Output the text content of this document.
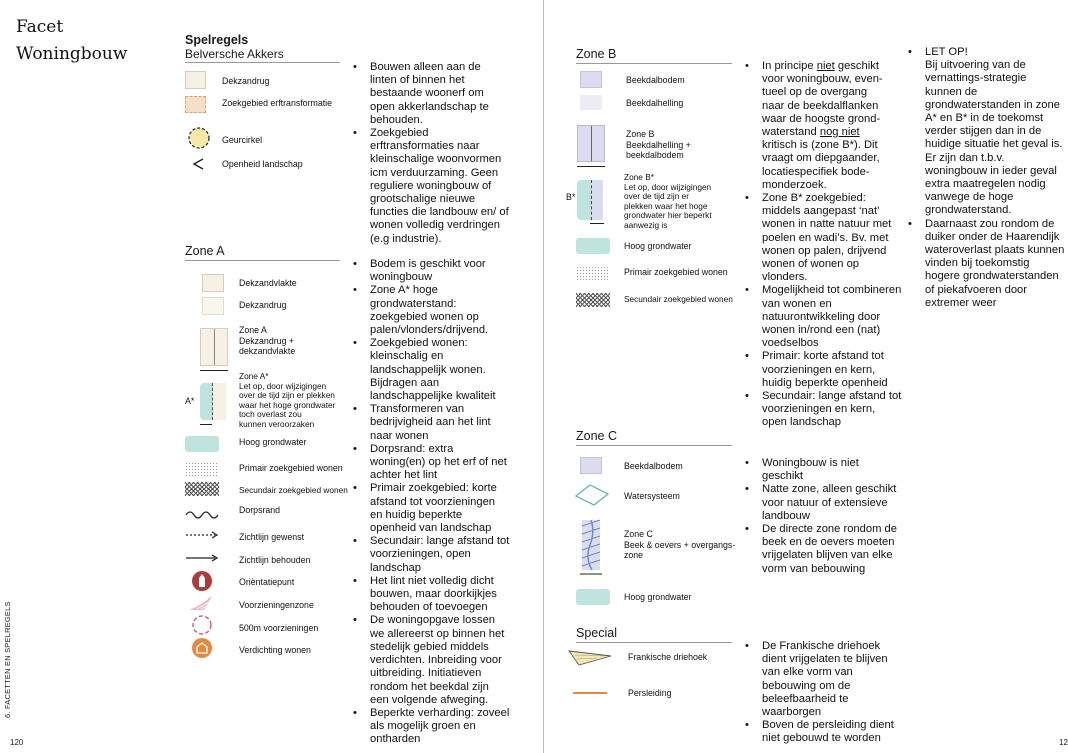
Facet
Woningbouw
6. FACETTEN EN SPELREGELS
120	12
Spelregels
Belversche Akkers
Dekzandrug
Zoekgebied erftransformatie
Geurcirkel
Openheid landschap
• Bouwen alleen aan de linten of binnen het bestaande woonerf om open akkerlandschap te behouden.
• Zoekgebied erftransformaties naar kleinschalige woonvormen icm verduurzaming. Geen reguliere woningbouw of grootschalige nieuwe functies die landbouw en/ of wonen volledig verdringen (e.g industrie).
Zone A
Dekzandvlakte
Dekzandrug
Zone A
Dekzandrug +
dekzandvlakte
A*
Zone A*
Let op, door wijzigingen
over de tijd zijn er plekken
waar het hoge grondwater
toch overlast zou
kunnen veroorzaken
Hoog grondwater
Primair zoekgebied wonen
Secundair zoekgebied wonen
Dorpsrand
Zichtlijn gewenst
Zichtlijn behouden
Oriëntatiepunt
Voorzieningenzone
500m voorzieningen
Verdichting wonen
• Bodem is geschikt voor woningbouw
• Zone A* hoge grondwaterstand: zoekgebied wonen op palen/vlonders/drijvend.
• Zoekgebied wonen: kleinschalig en landschappelijk wonen. Bijdragen aan landschappelijke kwaliteit
• Transformeren van bedrijvigheid aan het lint naar wonen
• Dorpsrand: extra woning(en) op het erf of net achter het lint
• Primair zoekgebied: korte afstand tot voorzieningen en huidig beperkte openheid van landschap
• Secundair: lange afstand tot voorzieningen, open landschap
• Het lint niet volledig dicht bouwen, maar doorkijkjes behouden of toevoegen
• De woningopgave lossen we allereerst op binnen het stedelijk gebied middels verdichten. Inbreiding voor uitbreiding. Initiatieven rondom het beekdal zijn een volgende afweging.
• Beperkte verharding: zoveel als mogelijk groen en ontharden
Zone B
Beekdalbodem
Beekdalhelling
Zone B
Beekdalhelling +
beekdalbodem
B*
Zone B*
Let op, door wijzigingen
over de tijd zijn er
plekken waar het hoge
grondwater hier beperkt
aanwezig is
Hoog grondwater
Primair zoekgebied wonen
Secundair zoekgebied wonen
• In principe niet geschikt
voor woningbouw, even-
tueel op de overgang
naar de beekdalflanken
waar de hoogste grond-
waterstand nog niet
kritisch is (zone B*). Dit
vraagt om diepgaander,
locatiespecifiek bode-
monderzoek.
• Zone B* zoekgebied: middels aangepast ‘nat’ wonen in natte natuur met poelen en wadi’s. Bv. met wonen op palen, drijvend wonen of wonen op vlonders.
• Mogelijkheid tot combineren van wonen en natuurontwikkeling door wonen in/rond een (nat) voedselbos
• Primair: korte afstand tot voorzieningen en kern, huidig beperkte openheid
• Secundair: lange afstand tot voorzieningen en kern, open landschap
Zone C
Beekdalbodem
Watersysteem
Zone C
Beek & oevers + overgangs-
zone
Hoog grondwater
• Woningbouw is niet geschikt
• Natte zone, alleen geschikt voor natuur of extensieve landbouw
• De directe zone rondom de beek en de oevers moeten vrijgelaten blijven van elke vorm van bebouwing
Special
Frankische driehoek
Persleiding
• De Frankische driehoek dient vrijgelaten te blijven van elke vorm van bebouwing om de beleefbaarheid te waarborgen
• Boven de persleiding dient niet gebouwd te worden
• LET OP!
Bij uitvoering van de vernattings-strategie kunnen de grondwaterstanden in zone A* en B* in de toekomst verder stijgen dan in de huidige situatie het geval is. Er zijn dan t.b.v. woningbouw in ieder geval extra maatregelen nodig vanwege de hoge grondwaterstand.
• Daarnaast zou rondom de duiker onder de Haarendijk wateroverlast plaats kunnen vinden bij toekomstig hogere grondwaterstanden of piekafvoeren door extremer weer
